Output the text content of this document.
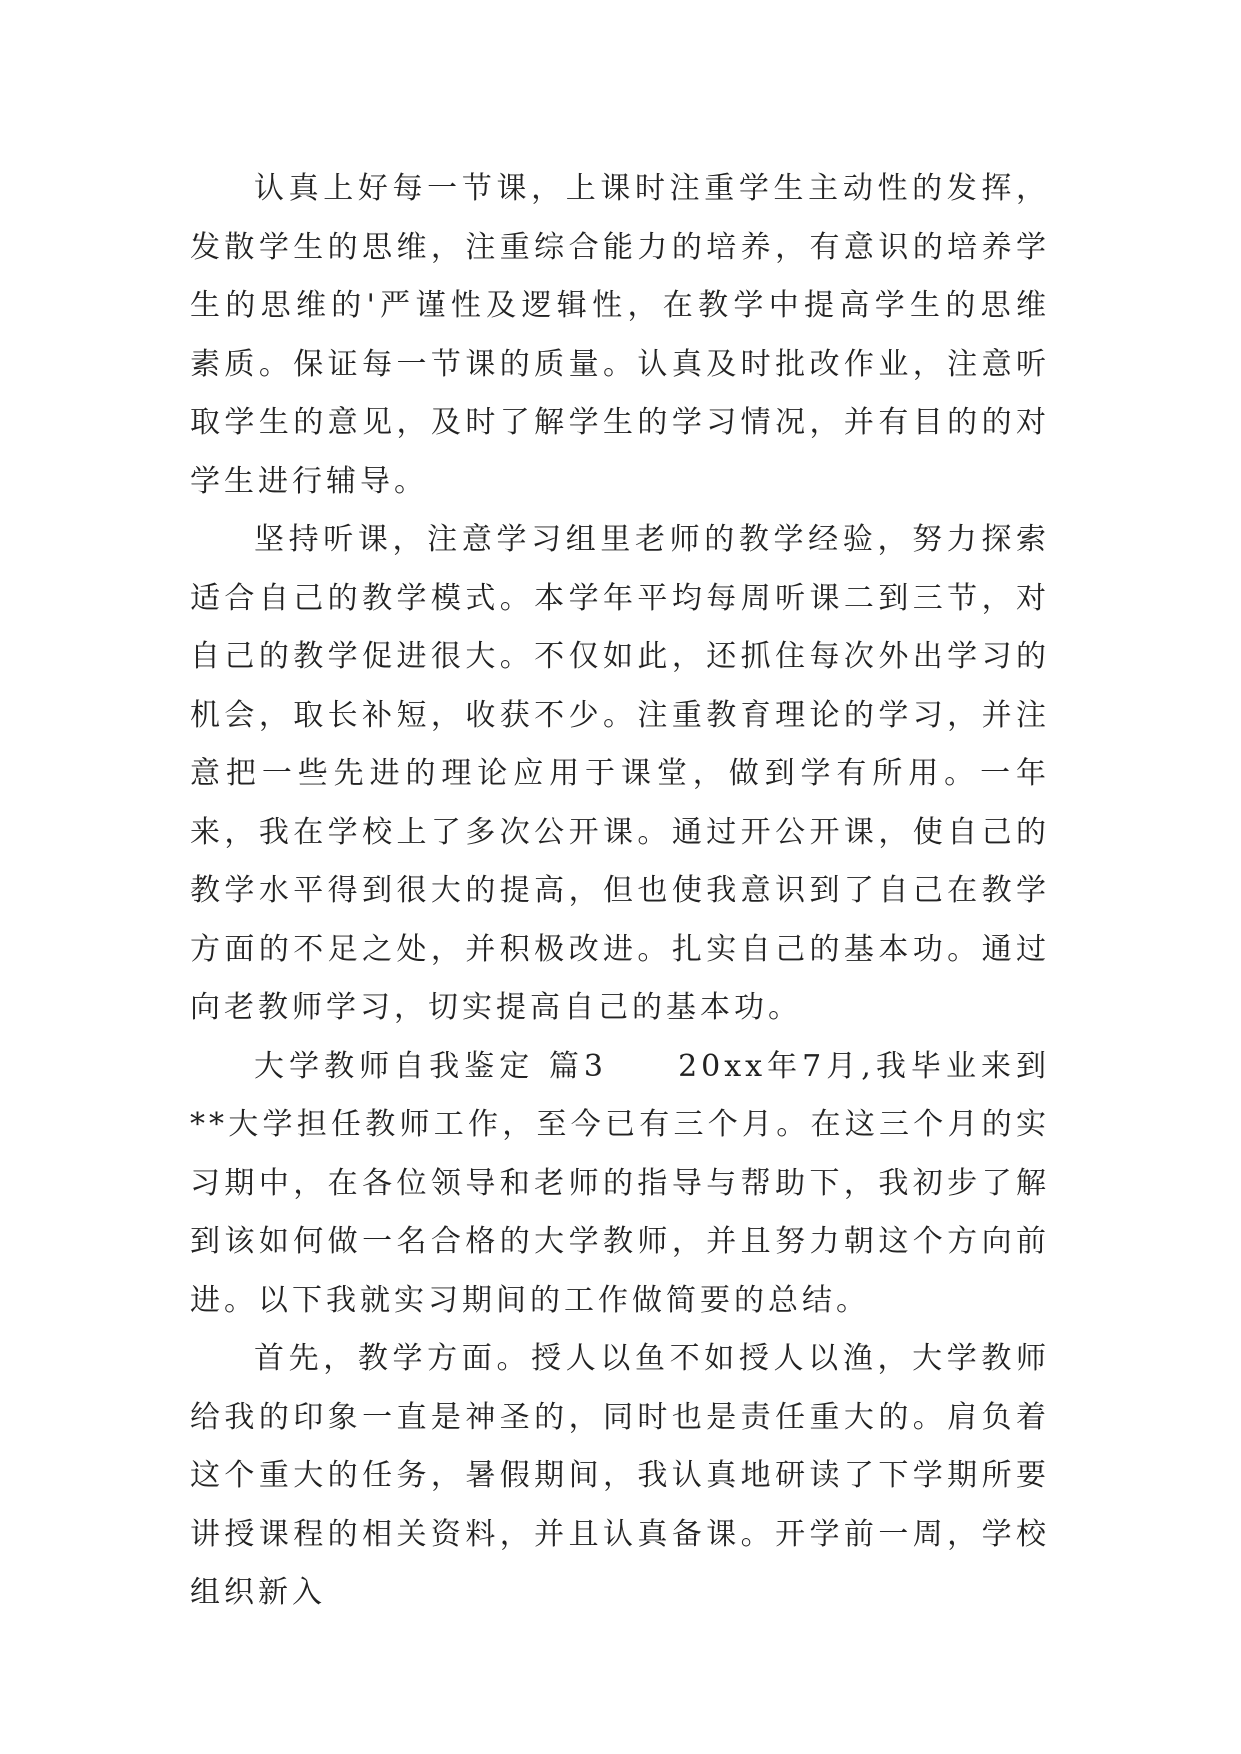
认真上好每一节课，上课时注重学生主动性的发挥，发散学生的思维，注重综合能力的培养，有意识的培养学生的思维的'严谨性及逻辑性，在教学中提高学生的思维素质。保证每一节课的质量。认真及时批改作业，注意听取学生的意见，及时了解学生的学习情况，并有目的的对学生进行辅导。

坚持听课，注意学习组里老师的教学经验，努力探索适合自己的教学模式。本学年平均每周听课二到三节，对自己的教学促进很大。不仅如此，还抓住每次外出学习的机会，取长补短，收获不少。注重教育理论的学习，并注意把一些先进的理论应用于课堂，做到学有所用。一年来，我在学校上了多次公开课。通过开公开课，使自己的教学水平得到很大的提高，但也使我意识到了自己在教学方面的不足之处，并积极改进。扎实自己的基本功。通过向老教师学习，切实提高自己的基本功。

大学教师自我鉴定 篇3　　 20xx年7月,我毕业来到**大学担任教师工作，至今已有三个月。在这三个月的实习期中，在各位领导和老师的指导与帮助下，我初步了解到该如何做一名合格的大学教师，并且努力朝这个方向前进。以下我就实习期间的工作做简要的总结。

首先，教学方面。授人以鱼不如授人以渔，大学教师给我的印象一直是神圣的，同时也是责任重大的。肩负着这个重大的任务，暑假期间，我认真地研读了下学期所要讲授课程的相关资料，并且认真备课。开学前一周，学校组织新入
